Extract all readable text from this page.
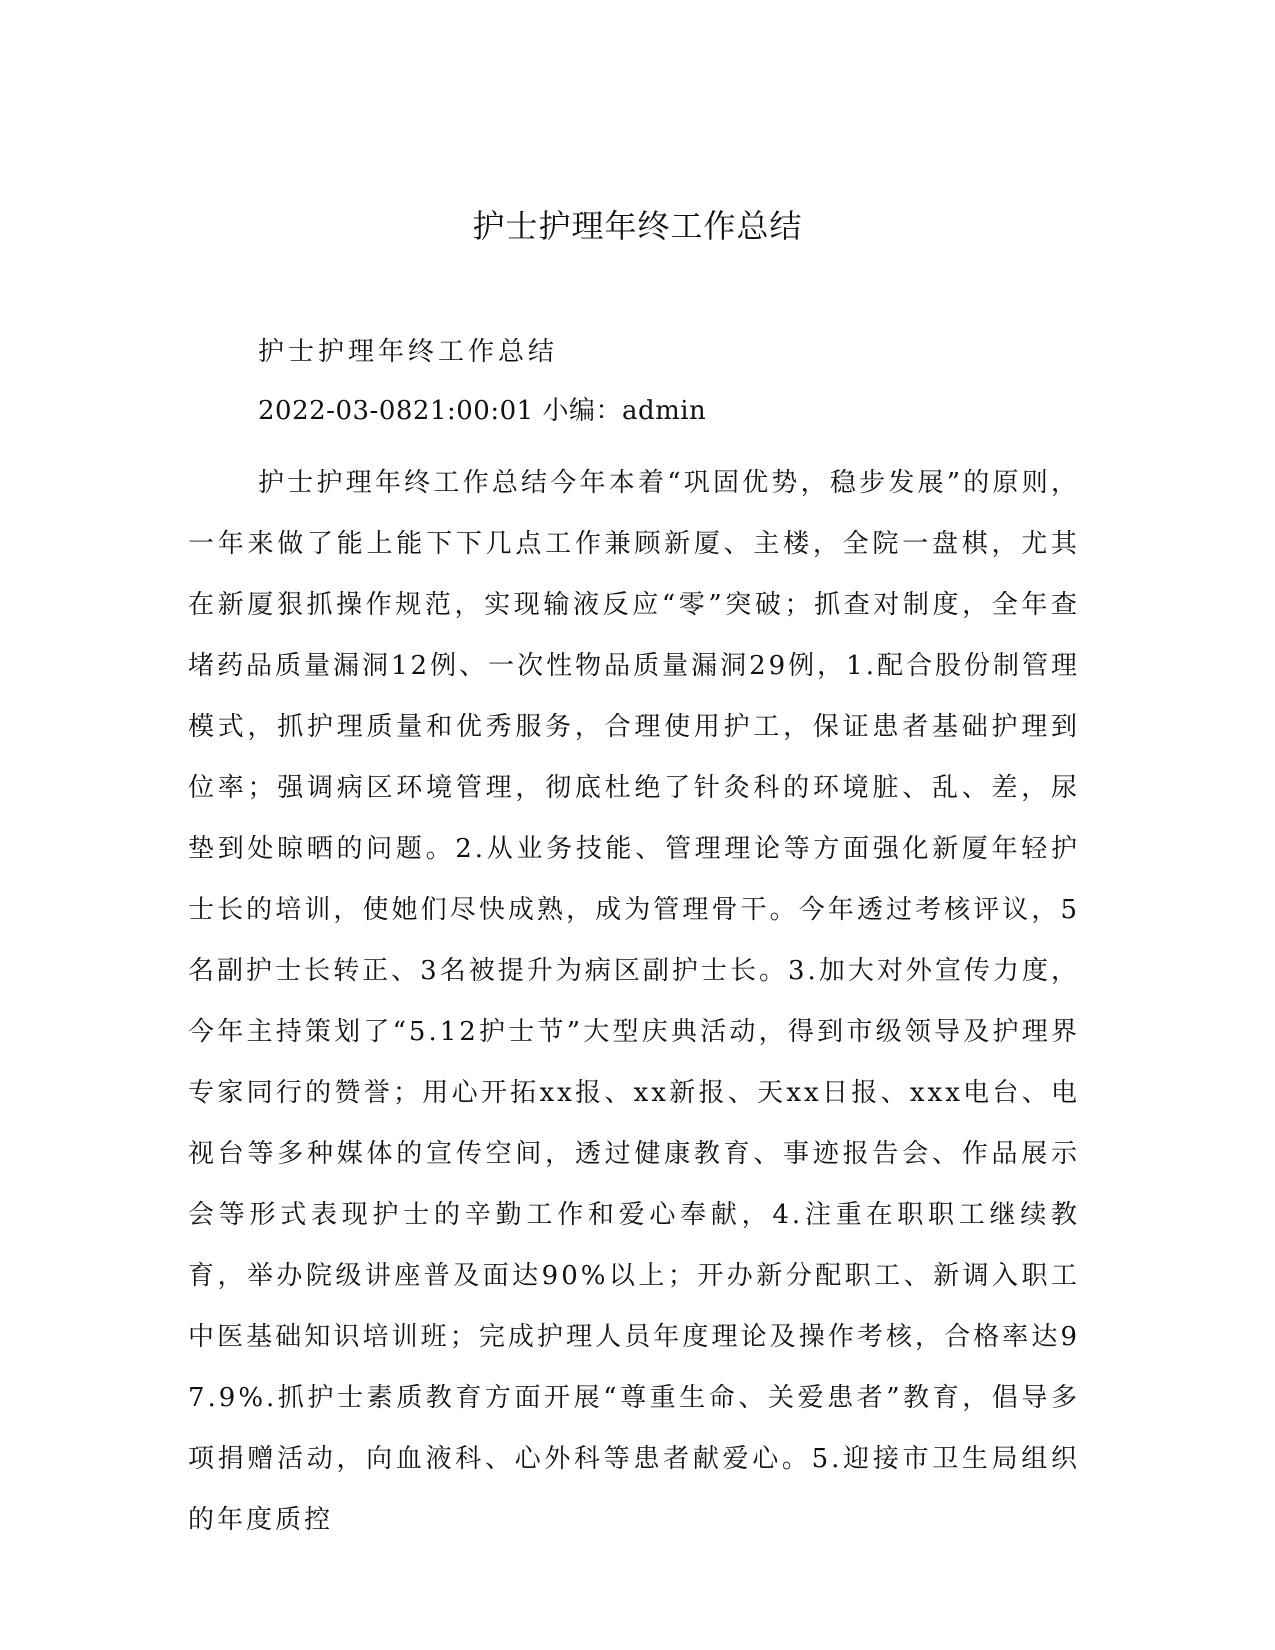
护士护理年终工作总结
护士护理年终工作总结
2022-03-0821:00:01 小编：admin

护士护理年终工作总结今年本着“巩固优势，稳步发展”的原则，一年来做了能上能下下几点工作兼顾新厦、主楼，全院一盘棋，尤其在新厦狠抓操作规范，实现输液反应“零”突破；抓查对制度，全年查堵药品质量漏洞12例、一次性物品质量漏洞29例，1.配合股份制管理模式，抓护理质量和优秀服务，合理使用护工，保证患者基础护理到位率；强调病区环境管理，彻底杜绝了针灸科的环境脏、乱、差，尿垫到处晾晒的问题。2.从业务技能、管理理论等方面强化新厦年轻护士长的培训，使她们尽快成熟，成为管理骨干。今年透过考核评议，5名副护士长转正、3名被提升为病区副护士长。3.加大对外宣传力度，今年主持策划了“5.12护士节”大型庆典活动，得到市级领导及护理界专家同行的赞誉；用心开拓xx报、xx新报、天xx日报、xxx电台、电视台等多种媒体的宣传空间，透过健康教育、事迹报告会、作品展示会等形式表现护士的辛勤工作和爱心奉献，4.注重在职职工继续教育，举办院级讲座普及面达90%以上；开办新分配职工、新调入职工中医基础知识培训班；完成护理人员年度理论及操作考核，合格率达97.9%.抓护士素质教育方面开展“尊重生命、关爱患者”教育，倡导多项捐赠活动，向血液科、心外科等患者献爱心。5.迎接市卫生局组织的年度质控
